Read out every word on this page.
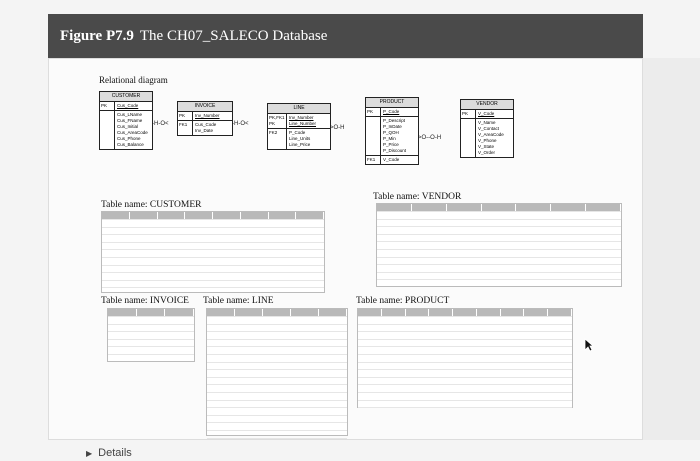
Figure P7.9 The CH07_SALECO Database
Relational diagram
CUSTOMER
PK	Cus_Code
Cus_LName
Cus_FName
Cus_Initial
Cus_AreaCode
Cus_Phone
Cus_Balance
-H-O<
INVOICE
PK	Inv_Number
FK1	Cus_Code
Inv_Date
-H-O<
LINE
PK,FK1
PK
Inv_Number
Line_Number
FK2	P_Code
Line_Units
Line_Price
>O-H
PRODUCT
PK	P_Code
P_Descript
P_InDate
P_QOH
P_Min
P_Price
P_Discount
FK1	V_Code
>O--O-H
VENDOR
PK	V_Code
V_Name
V_Contact
V_AreaCode
V_Phone
V_State
V_Order
Table name: CUSTOMER
Table name: VENDOR
Table name: INVOICE Table name: LINE	Table name: PRODUCT
▶ Details
